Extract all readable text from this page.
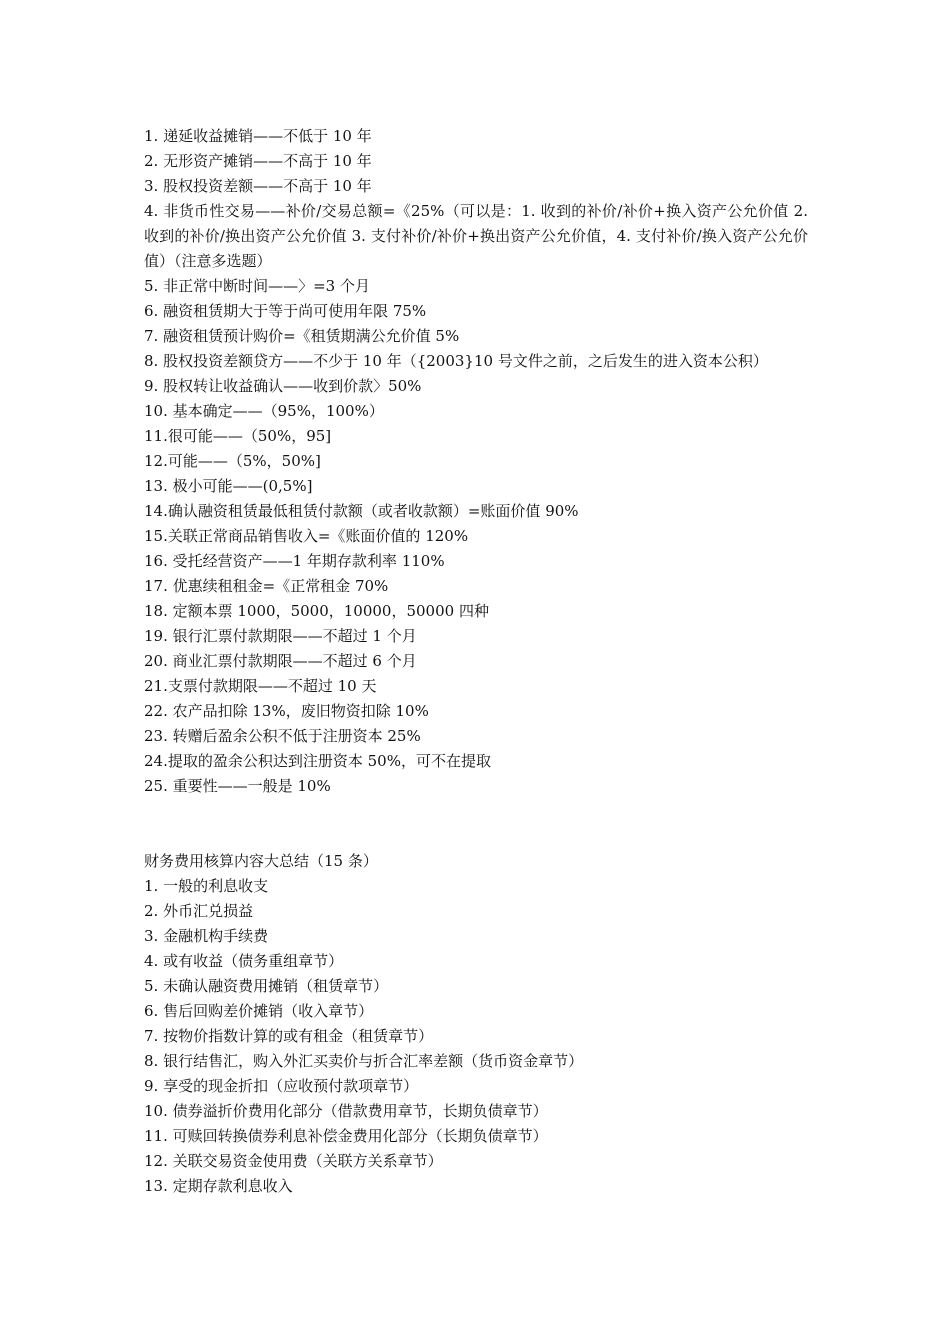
1. 递延收益摊销——不低于 10 年
2. 无形资产摊销——不高于 10 年
3. 股权投资差额——不高于 10 年
4. 非货币性交易——补价/交易总额=《25%（可以是：1. 收到的补价/补价+换入资产公允价值 2. 收到的补价/换出资产公允价值 3. 支付补价/补价+换出资产公允价值，4. 支付补价/换入资产公允价值）（注意多选题）
5. 非正常中断时间——〉=3 个月
6. 融资租赁期大于等于尚可使用年限 75%
7. 融资租赁预计购价=《租赁期满公允价值 5%
8. 股权投资差额贷方——不少于 10 年（{2003}10 号文件之前，之后发生的进入资本公积）
9. 股权转让收益确认——收到价款〉50%
10. 基本确定——（95%，100%）
11.很可能——（50%，95]
12.可能——（5%，50%]
13. 极小可能——(0,5%]
14.确认融资租赁最低租赁付款额（或者收款额）=账面价值 90%
15.关联正常商品销售收入=《账面价值的 120%
16. 受托经营资产——1 年期存款利率 110%
17. 优惠续租租金=《正常租金 70%
18. 定额本票 1000，5000，10000，50000 四种
19. 银行汇票付款期限——不超过 1 个月
20. 商业汇票付款期限——不超过 6 个月
21.支票付款期限——不超过 10 天
22. 农产品扣除 13%，废旧物资扣除 10%
23. 转赠后盈余公积不低于注册资本 25%
24.提取的盈余公积达到注册资本 50%，可不在提取
25. 重要性——一般是 10%
财务费用核算内容大总结（15 条）
1. 一般的利息收支
2. 外币汇兑损益
3. 金融机构手续费
4. 或有收益（债务重组章节）
5. 未确认融资费用摊销（租赁章节）
6. 售后回购差价摊销（收入章节）
7. 按物价指数计算的或有租金（租赁章节）
8. 银行结售汇，购入外汇买卖价与折合汇率差额（货币资金章节）
9. 享受的现金折扣（应收预付款项章节）
10. 债券溢折价费用化部分（借款费用章节，长期负债章节）
11. 可赎回转换债券利息补偿金费用化部分（长期负债章节）
12. 关联交易资金使用费（关联方关系章节）
13. 定期存款利息收入
